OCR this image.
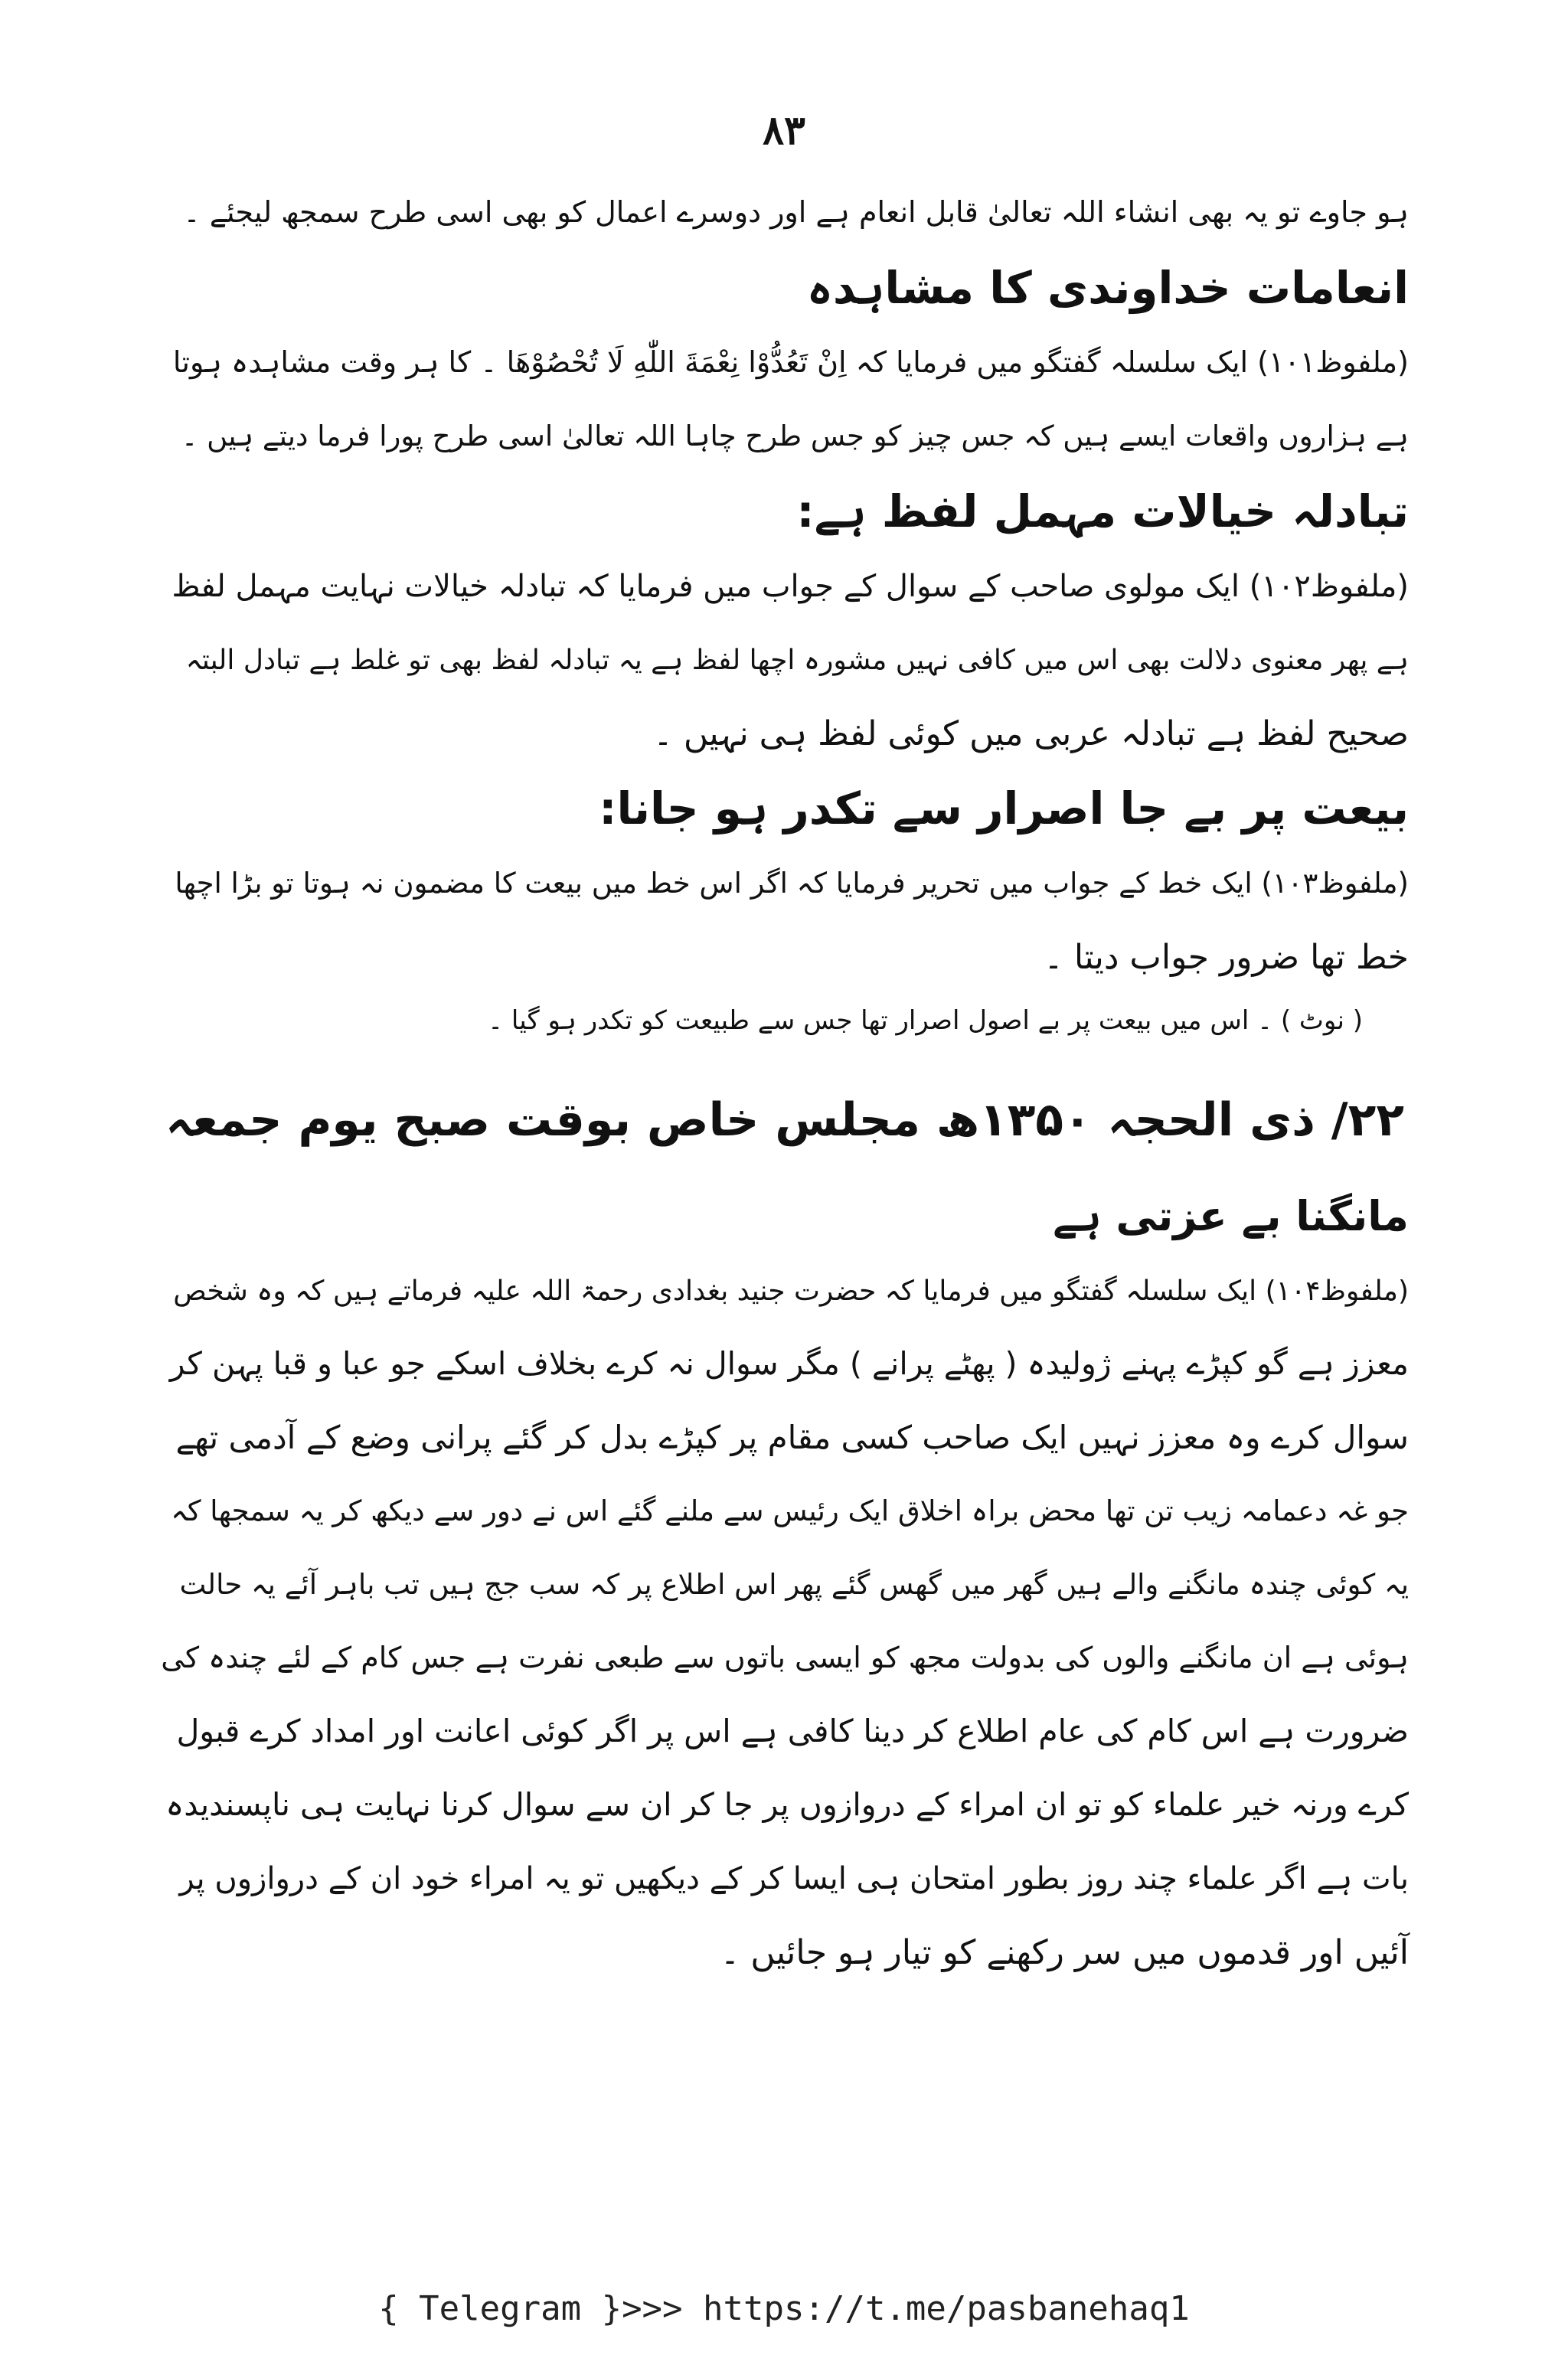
۸۳
ہو جاوے تو یہ بھی انشاء اللہ تعالیٰ قابل انعام ہے اور دوسرے اعمال کو بھی اسی طرح سمجھ لیجئے ۔
انعامات خداوندی کا مشاہدہ
(ملفوظ۱۰۱) ایک سلسلہ گفتگو میں فرمایا کہ اِنْ تَعُدُّوْا نِعْمَةَ اللّٰهِ لَا تُحْصُوْهَا ۔ کا ہر وقت مشاہدہ ہوتا
ہے ہزاروں واقعات ایسے ہیں کہ جس چیز کو جس طرح چاہا اللہ تعالیٰ اسی طرح پورا فرما دیتے ہیں ۔
تبادلہ خیالات مہمل لفظ ہے:
(ملفوظ۱۰۲) ایک مولوی صاحب کے سوال کے جواب میں فرمایا کہ تبادلہ خیالات نہایت مہمل لفظ
ہے پھر معنوی دلالت بھی اس میں کافی نہیں مشورہ اچھا لفظ ہے یہ تبادلہ لفظ بھی تو غلط ہے تبادل البتہ
صحیح لفظ ہے تبادلہ عربی میں کوئی لفظ ہی نہیں ۔
بیعت پر بے جا اصرار سے تکدر ہو جانا:
(ملفوظ۱۰۳) ایک خط کے جواب میں تحریر فرمایا کہ اگر اس خط میں بیعت کا مضمون نہ ہوتا تو بڑا اچھا
خط تھا ضرور جواب دیتا ۔
( نوٹ ) ۔ اس میں بیعت پر بے اصول اصرار تھا جس سے طبیعت کو تکدر ہو گیا ۔
۲۲/ ذی الحجہ ۱۳۵۰ھ مجلس خاص بوقت صبح یوم جمعہ
مانگنا بے عزتی ہے
(ملفوظ۱۰۴) ایک سلسلہ گفتگو میں فرمایا کہ حضرت جنید بغدادی رحمۃ اللہ علیہ فرماتے ہیں کہ وہ شخص
معزز ہے گو کپڑے پہنے ژولیدہ ( پھٹے پرانے ) مگر سوال نہ کرے بخلاف اسکے جو عبا و قبا پہن کر
سوال کرے وہ معزز نہیں ایک صاحب کسی مقام پر کپڑے بدل کر گئے پرانی وضع کے آدمی تھے
جو غہ دعمامہ زیب تن تھا محض براہ اخلاق ایک رئیس سے ملنے گئے اس نے دور سے دیکھ کر یہ سمجھا کہ
یہ کوئی چندہ مانگنے والے ہیں گھر میں گھس گئے پھر اس اطلاع پر کہ سب جج ہیں تب باہر آئے یہ حالت
ہوئی ہے ان مانگنے والوں کی بدولت مجھ کو ایسی باتوں سے طبعی نفرت ہے جس کام کے لئے چندہ کی
ضرورت ہے اس کام کی عام اطلاع کر دینا کافی ہے اس پر اگر کوئی اعانت اور امداد کرے قبول
کرے ورنہ خیر علماء کو تو ان امراء کے دروازوں پر جا کر ان سے سوال کرنا نہایت ہی ناپسندیدہ
بات ہے اگر علماء چند روز بطور امتحان ہی ایسا کر کے دیکھیں تو یہ امراء خود ان کے دروازوں پر
آئیں اور قدموں میں سر رکھنے کو تیار ہو جائیں ۔
{ Telegram }>>> https://t.me/pasbanehaq1
